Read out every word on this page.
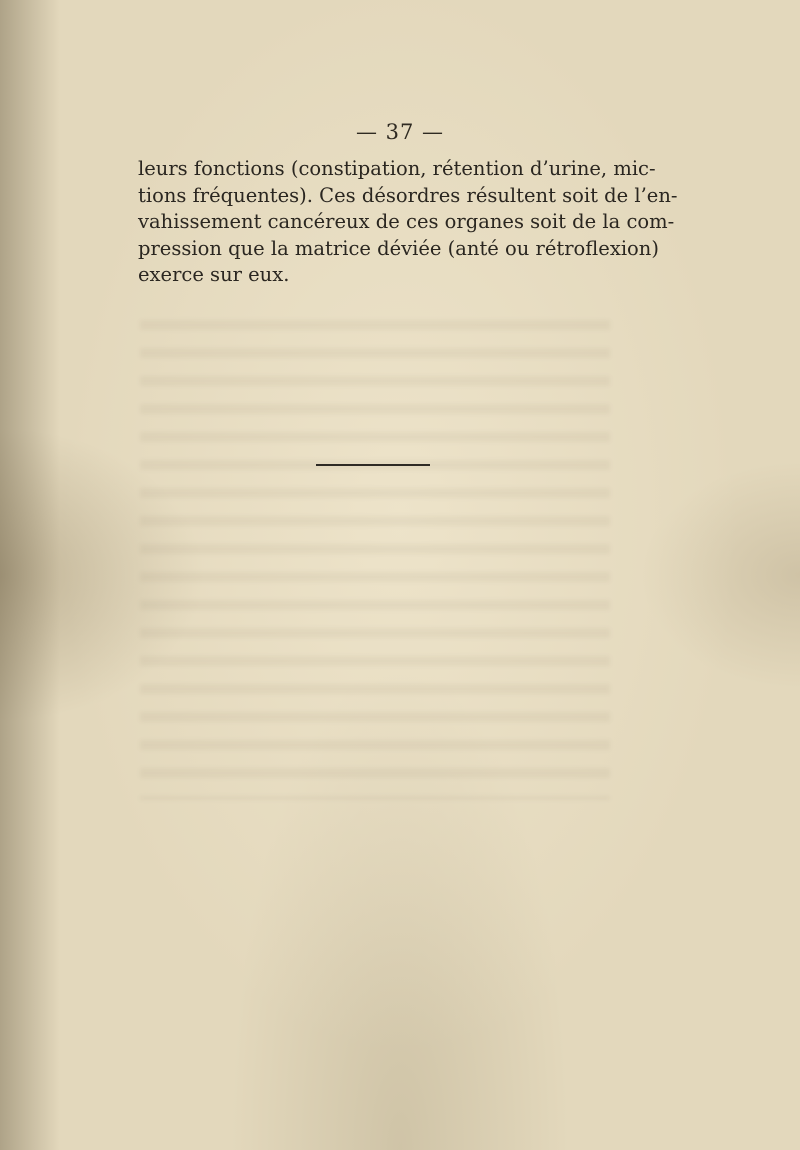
— 37 —
leurs fonctions (constipation, rétention d’urine, mic-
tions fréquentes). Ces désordres résultent soit de l’en-
vahissement cancéreux de ces organes soit de la com-
pression que la matrice déviée (anté ou rétroflexion)
exerce sur eux.
